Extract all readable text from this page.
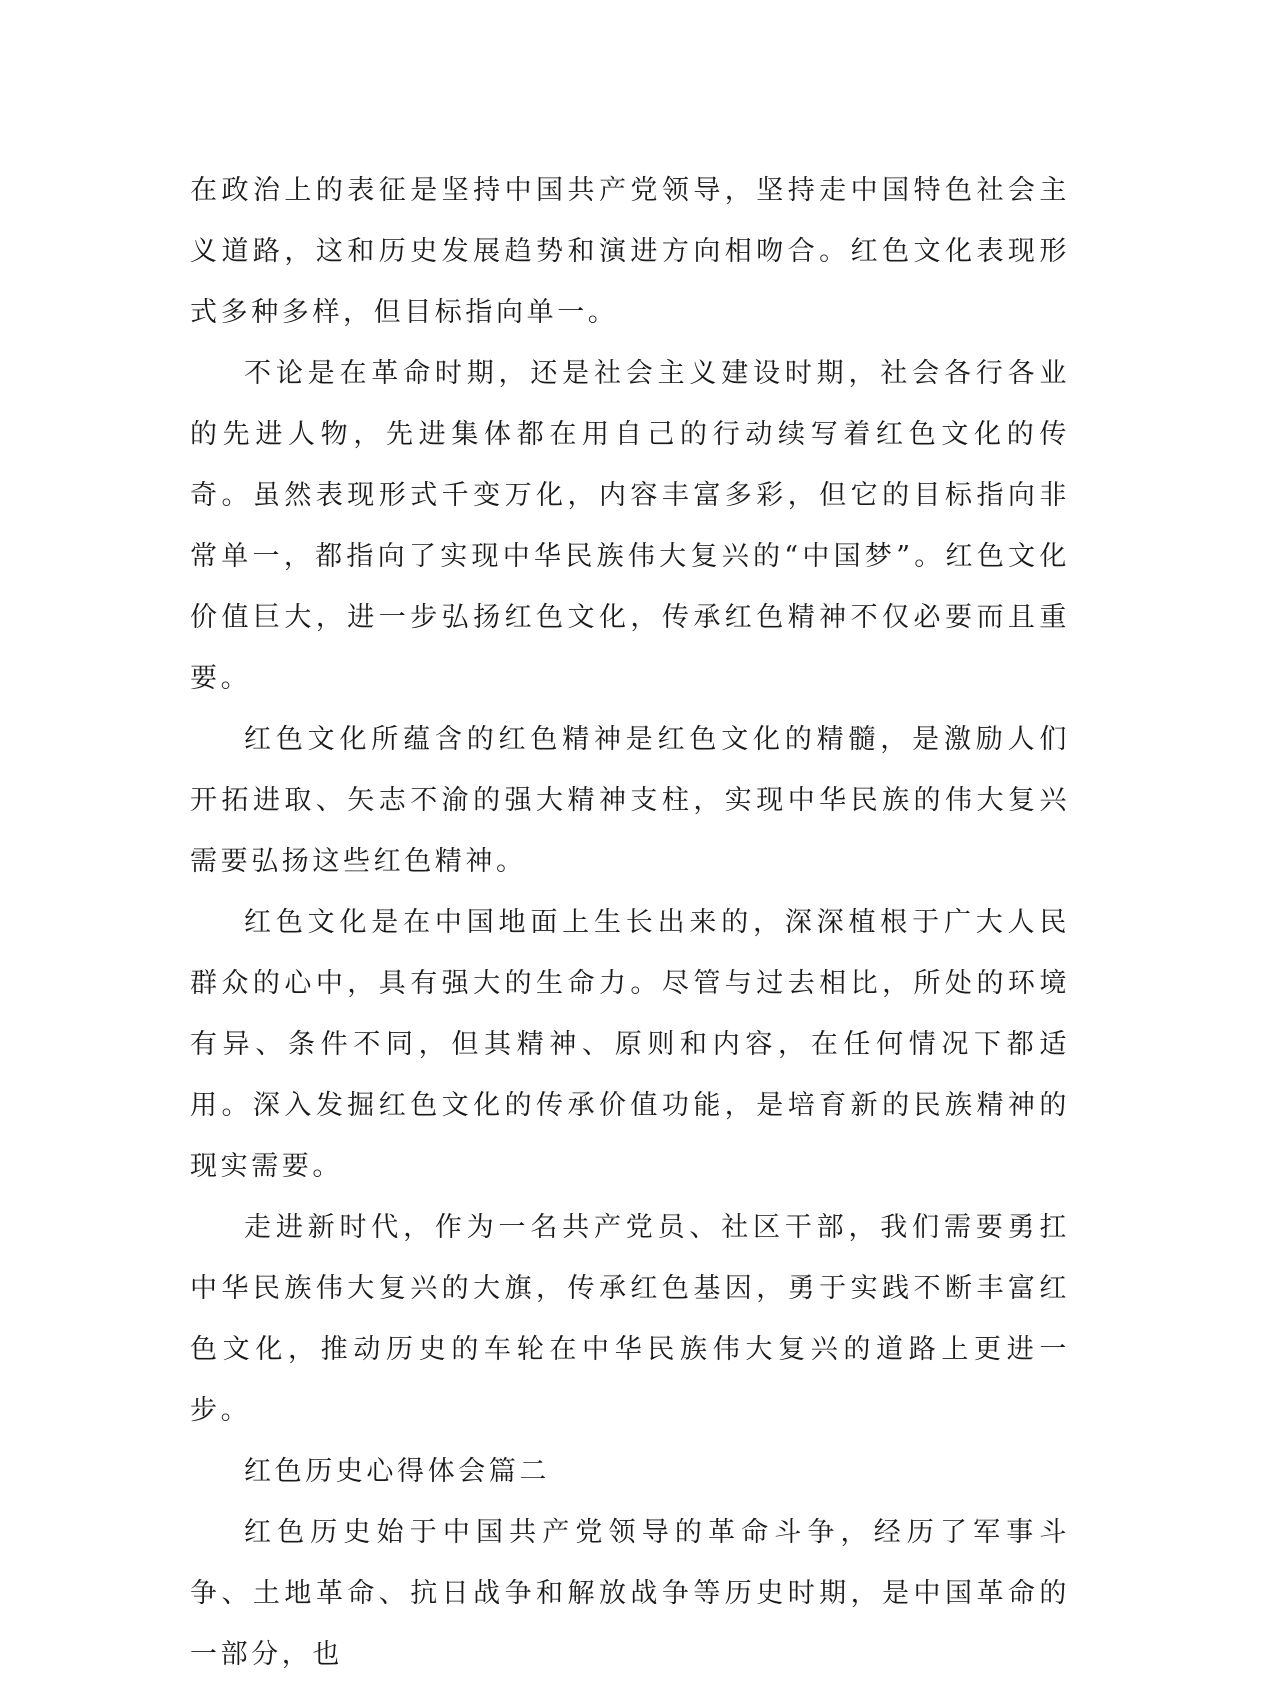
在政治上的表征是坚持中国共产党领导，坚持走中国特色社会主义道路，这和历史发展趋势和演进方向相吻合。红色文化表现形式多种多样，但目标指向单一。

不论是在革命时期，还是社会主义建设时期，社会各行各业的先进人物，先进集体都在用自己的行动续写着红色文化的传奇。虽然表现形式千变万化，内容丰富多彩，但它的目标指向非常单一，都指向了实现中华民族伟大复兴的“中国梦”。红色文化价值巨大，进一步弘扬红色文化，传承红色精神不仅必要而且重要。

红色文化所蕴含的红色精神是红色文化的精髓，是激励人们开拓进取、矢志不渝的强大精神支柱，实现中华民族的伟大复兴需要弘扬这些红色精神。

红色文化是在中国地面上生长出来的，深深植根于广大人民群众的心中，具有强大的生命力。尽管与过去相比，所处的环境有异、条件不同，但其精神、原则和内容，在任何情况下都适用。深入发掘红色文化的传承价值功能，是培育新的民族精神的现实需要。

走进新时代，作为一名共产党员、社区干部，我们需要勇扛中华民族伟大复兴的大旗，传承红色基因，勇于实践不断丰富红色文化，推动历史的车轮在中华民族伟大复兴的道路上更进一步。

红色历史心得体会篇二

红色历史始于中国共产党领导的革命斗争，经历了军事斗争、土地革命、抗日战争和解放战争等历史时期，是中国革命的一部分，也
